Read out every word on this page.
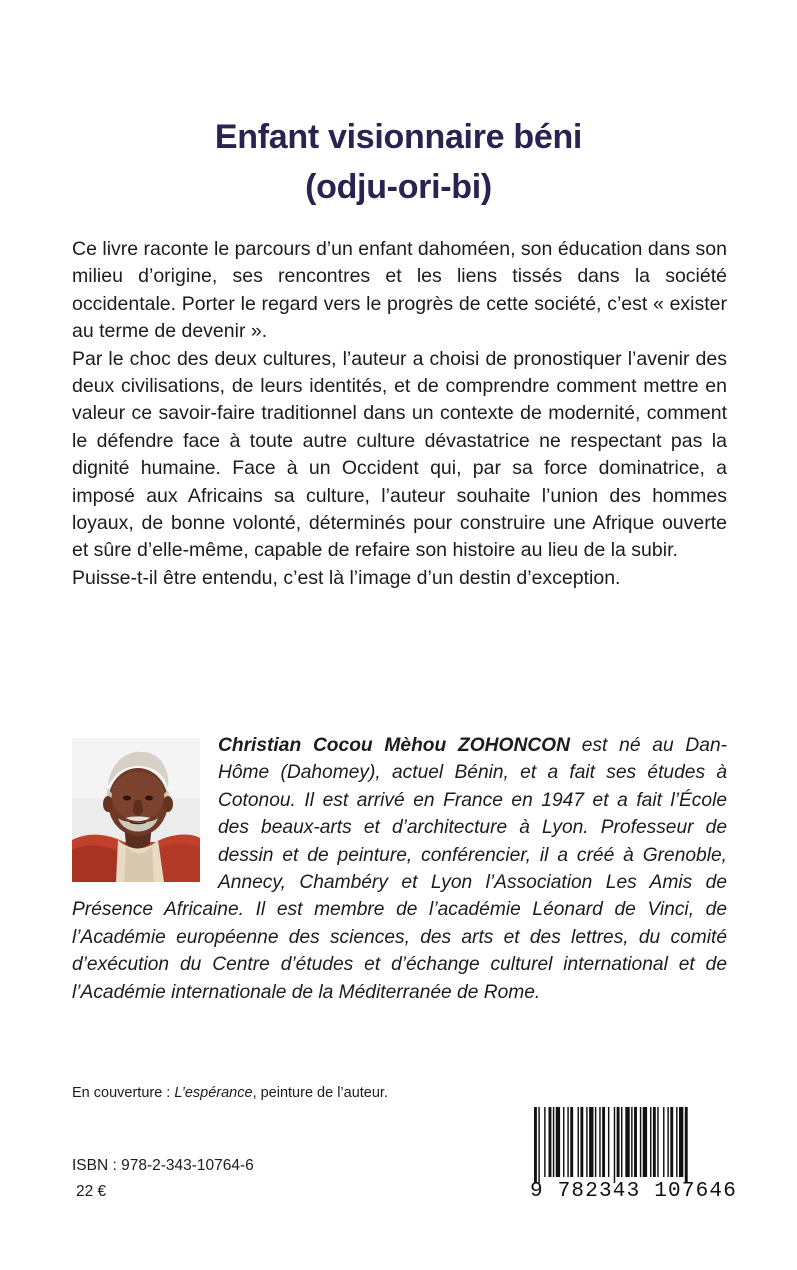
Enfant visionnaire béni
(odju-ori-bi)

Ce livre raconte le parcours d’un enfant dahoméen, son éducation dans son milieu d’origine, ses rencontres et les liens tissés dans la société occidentale. Porter le regard vers le progrès de cette société, c’est « exister au terme de devenir ».

Par le choc des deux cultures, l’auteur a choisi de pronostiquer l’avenir des deux civilisations, de leurs identités, et de comprendre comment mettre en valeur ce savoir-faire traditionnel dans un contexte de modernité, comment le défendre face à toute autre culture dévastatrice ne respectant pas la dignité humaine. Face à un Occident qui, par sa force dominatrice, a imposé aux Africains sa culture, l’auteur souhaite l’union des hommes loyaux, de bonne volonté, déterminés pour construire une Afrique ouverte et sûre d’elle-même, capable de refaire son histoire au lieu de la subir.

Puisse-t-il être entendu, c’est là l’image d’un destin d’exception.

Christian Cocou Mèhou ZOHONCON est né au Dan-Hôme (Dahomey), actuel Bénin, et a fait ses études à Cotonou. Il est arrivé en France en 1947 et a fait l’École des beaux-arts et d’architecture à Lyon. Professeur de dessin et de peinture, conférencier, il a créé à Grenoble, Annecy, Chambéry et Lyon l’Association Les Amis de Présence Africaine. Il est membre de l’académie Léonard de Vinci, de l’Académie européenne des sciences, des arts et des lettres, du comité d’exécution du Centre d’études et d’échange culturel international et de l’Académie internationale de la Méditerranée de Rome.
En couverture : L’espérance, peinture de l’auteur.
ISBN : 978-2-343-10764-6
22 €	9 782343 107646
